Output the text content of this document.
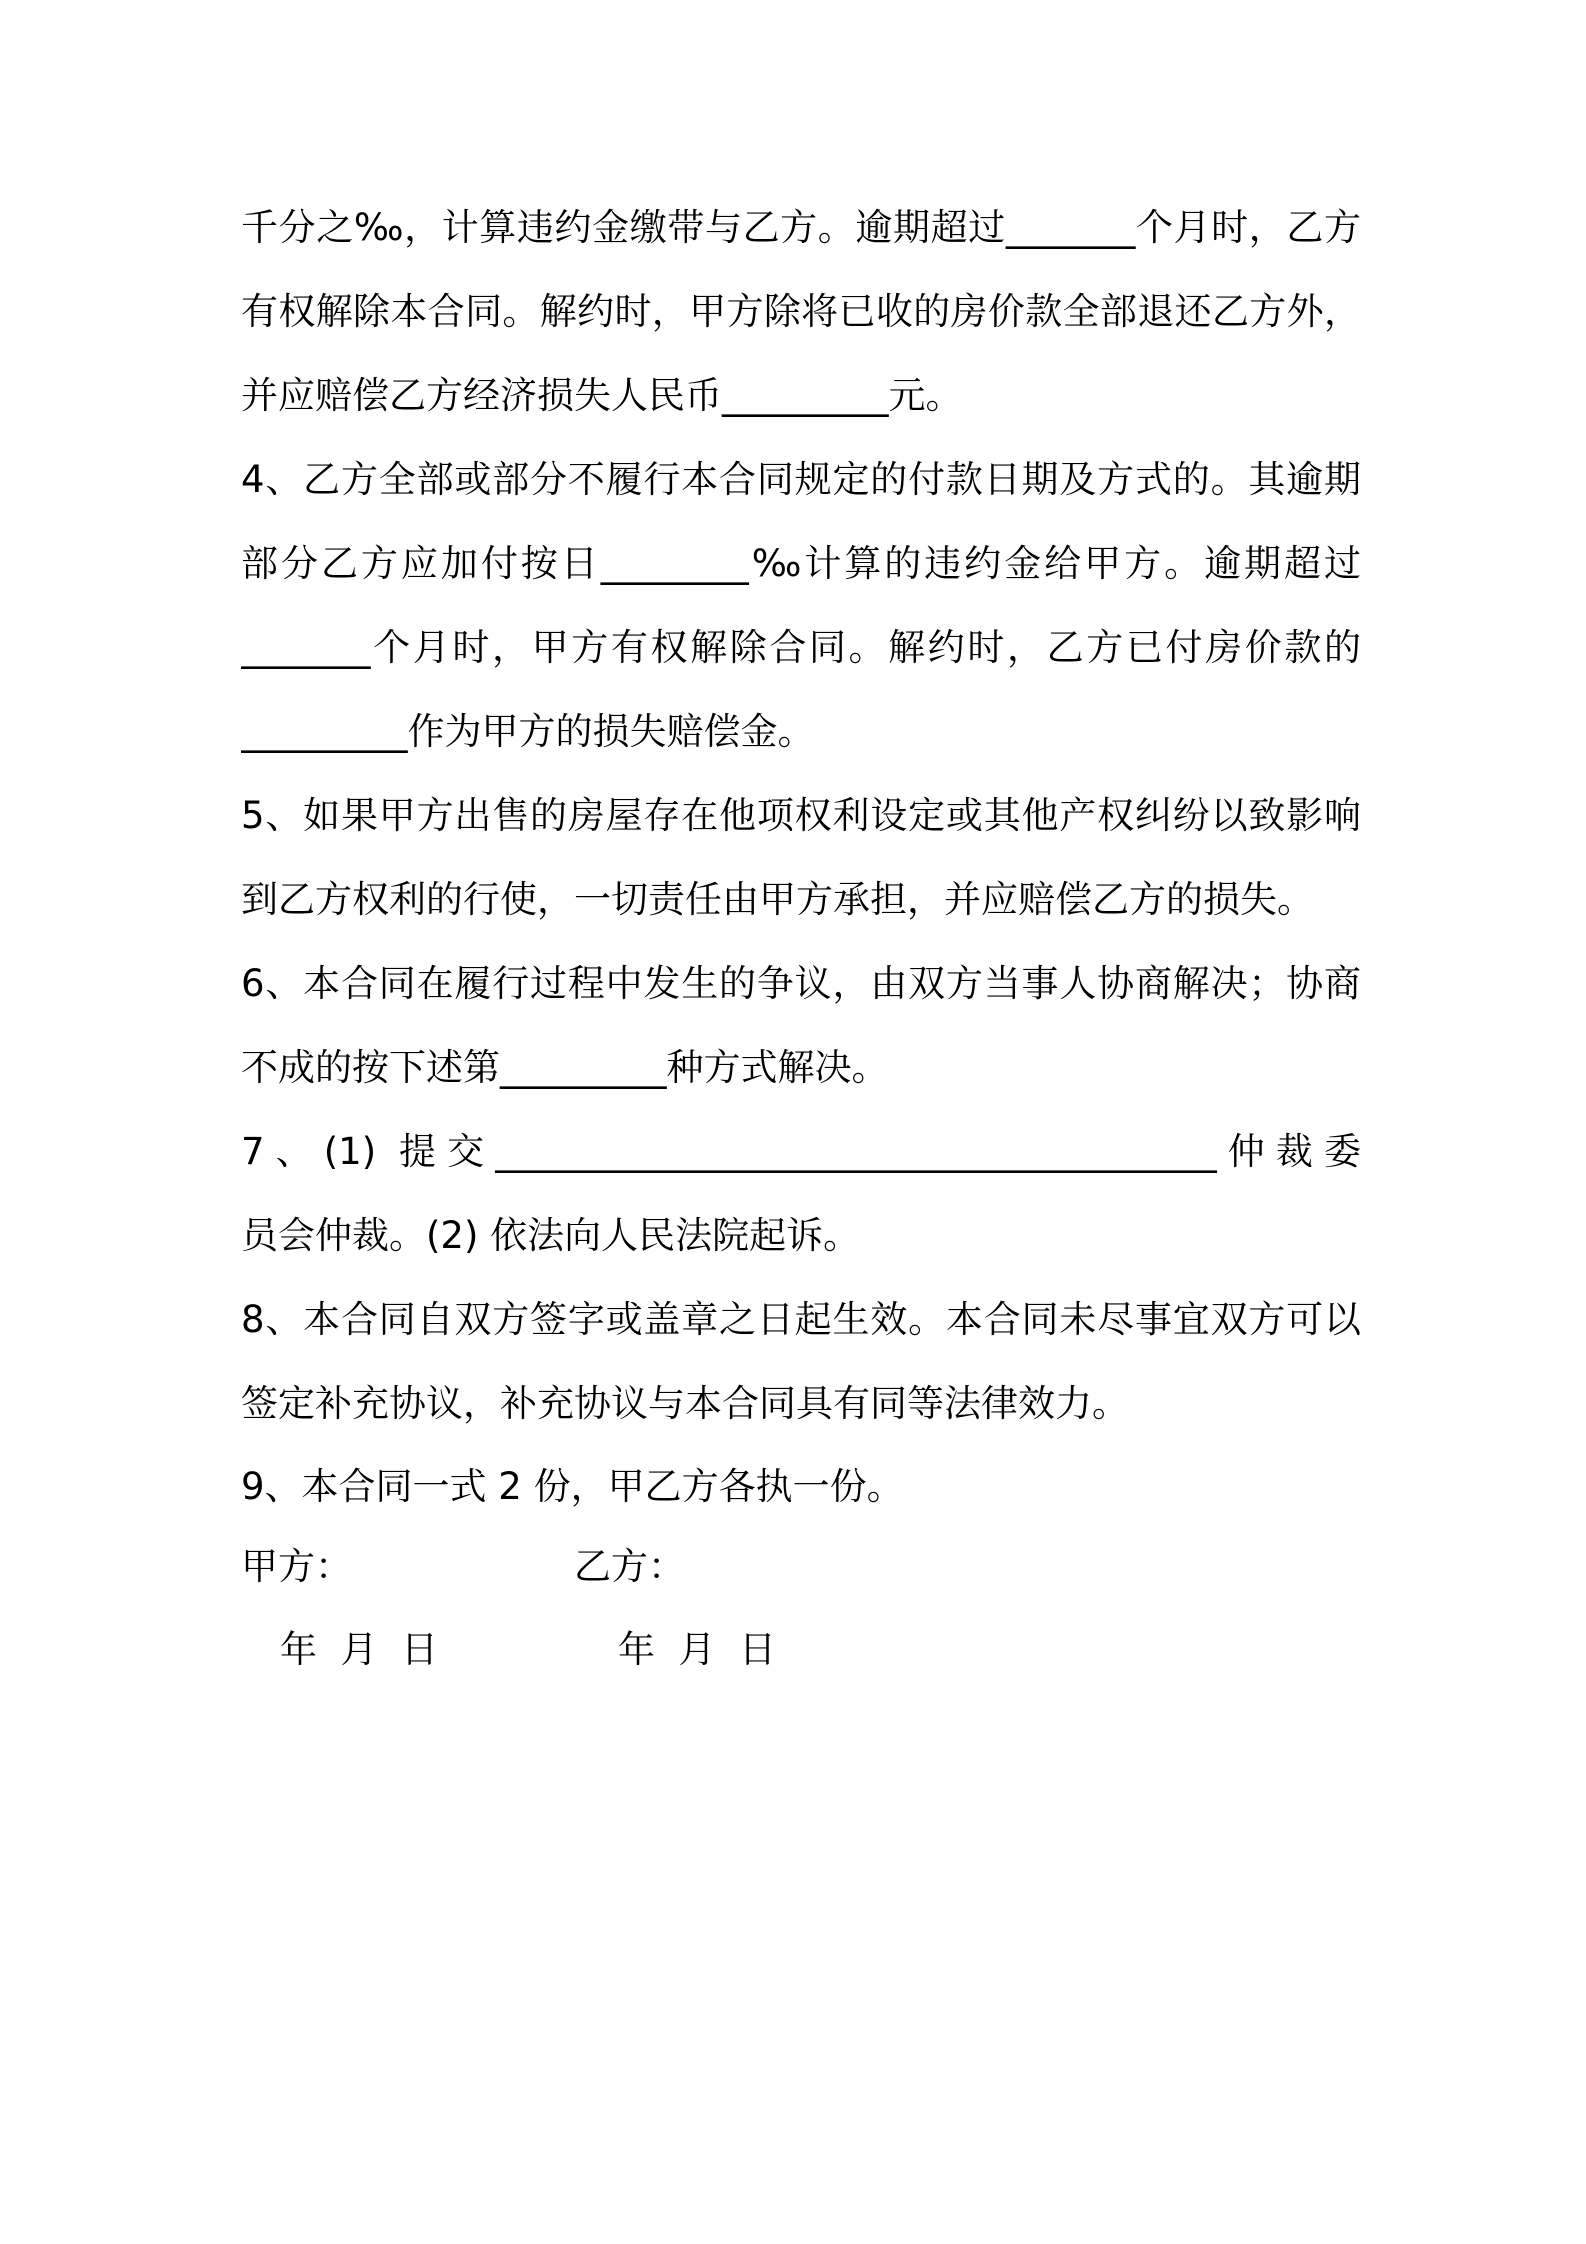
千分之‰，计算违约金缴带与乙方。逾期超过_______个月时，乙方
有权解除本合同。解约时，甲方除将已收的房价款全部退还乙方外，
并应赔偿乙方经济损失人民币_________元。
4、乙方全部或部分不履行本合同规定的付款日期及方式的。其逾期
部分乙方应加付按日________‰计算的违约金给甲方。逾期超过
_______个月时，甲方有权解除合同。解约时，乙方已付房价款的
_________作为甲方的损失赔偿金。
5、如果甲方出售的房屋存在他项权利设定或其他产权纠纷以致影响
到乙方权利的行使，一切责任由甲方承担，并应赔偿乙方的损失。
6、本合同在履行过程中发生的争议，由双方当事人协商解决；协商
不成的按下述第_________种方式解决。
7、(1) 提交_______________________________________仲裁委
员会仲裁。(2) 依法向人民法院起诉。
8、本合同自双方签字或盖章之日起生效。本合同未尽事宜双方可以
签定补充协议，补充协议与本合同具有同等法律效力。
9、本合同一式 2 份，甲乙方各执一份。
甲方：	乙方：
年  月  日	年  月  日
